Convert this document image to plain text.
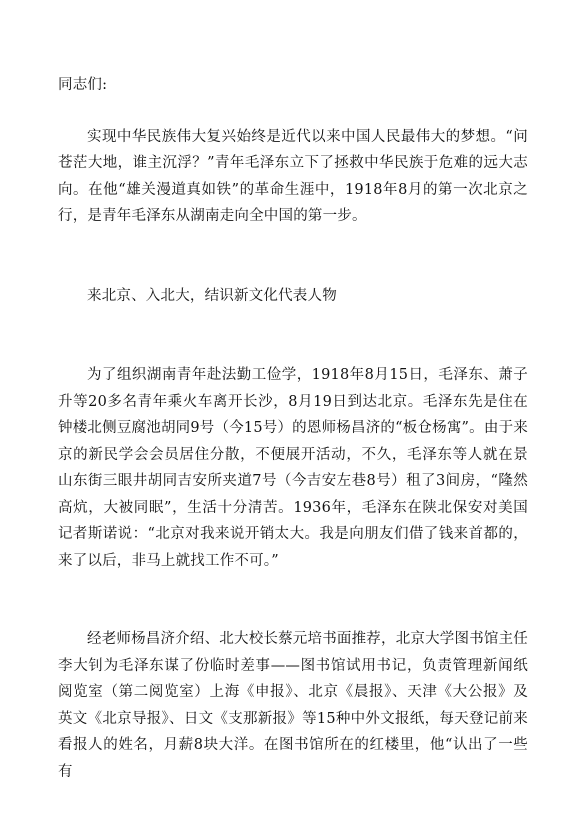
同志们:

实现中华民族伟大复兴始终是近代以来中国人民最伟大的梦想。“问苍茫大地，谁主沉浮？”青年毛泽东立下了拯救中华民族于危难的远大志向。在他“雄关漫道真如铁”的革命生涯中，1918年8月的第一次北京之行，是青年毛泽东从湖南走向全中国的第一步。

来北京、入北大，结识新文化代表人物

为了组织湖南青年赴法勤工俭学，1918年8月15日，毛泽东、萧子升等20多名青年乘火车离开长沙，8月19日到达北京。毛泽东先是住在钟楼北侧豆腐池胡同9号（今15号）的恩师杨昌济的“板仓杨寓”。由于来京的新民学会会员居住分散，不便展开活动，不久，毛泽东等人就在景山东街三眼井胡同吉安所夹道7号（今吉安左巷8号）租了3间房，“隆然高炕，大被同眠”，生活十分清苦。1936年，毛泽东在陕北保安对美国记者斯诺说：“北京对我来说开销太大。我是向朋友们借了钱来首都的，来了以后，非马上就找工作不可。”

经老师杨昌济介绍、北大校长蔡元培书面推荐，北京大学图书馆主任李大钊为毛泽东谋了份临时差事——图书馆试用书记，负责管理新闻纸阅览室（第二阅览室）上海《申报》、北京《晨报》、天津《大公报》及英文《北京导报》、日文《支那新报》等15种中外文报纸，每天登记前来看报人的姓名，月薪8块大洋。在图书馆所在的红楼里，他“认出了一些有
